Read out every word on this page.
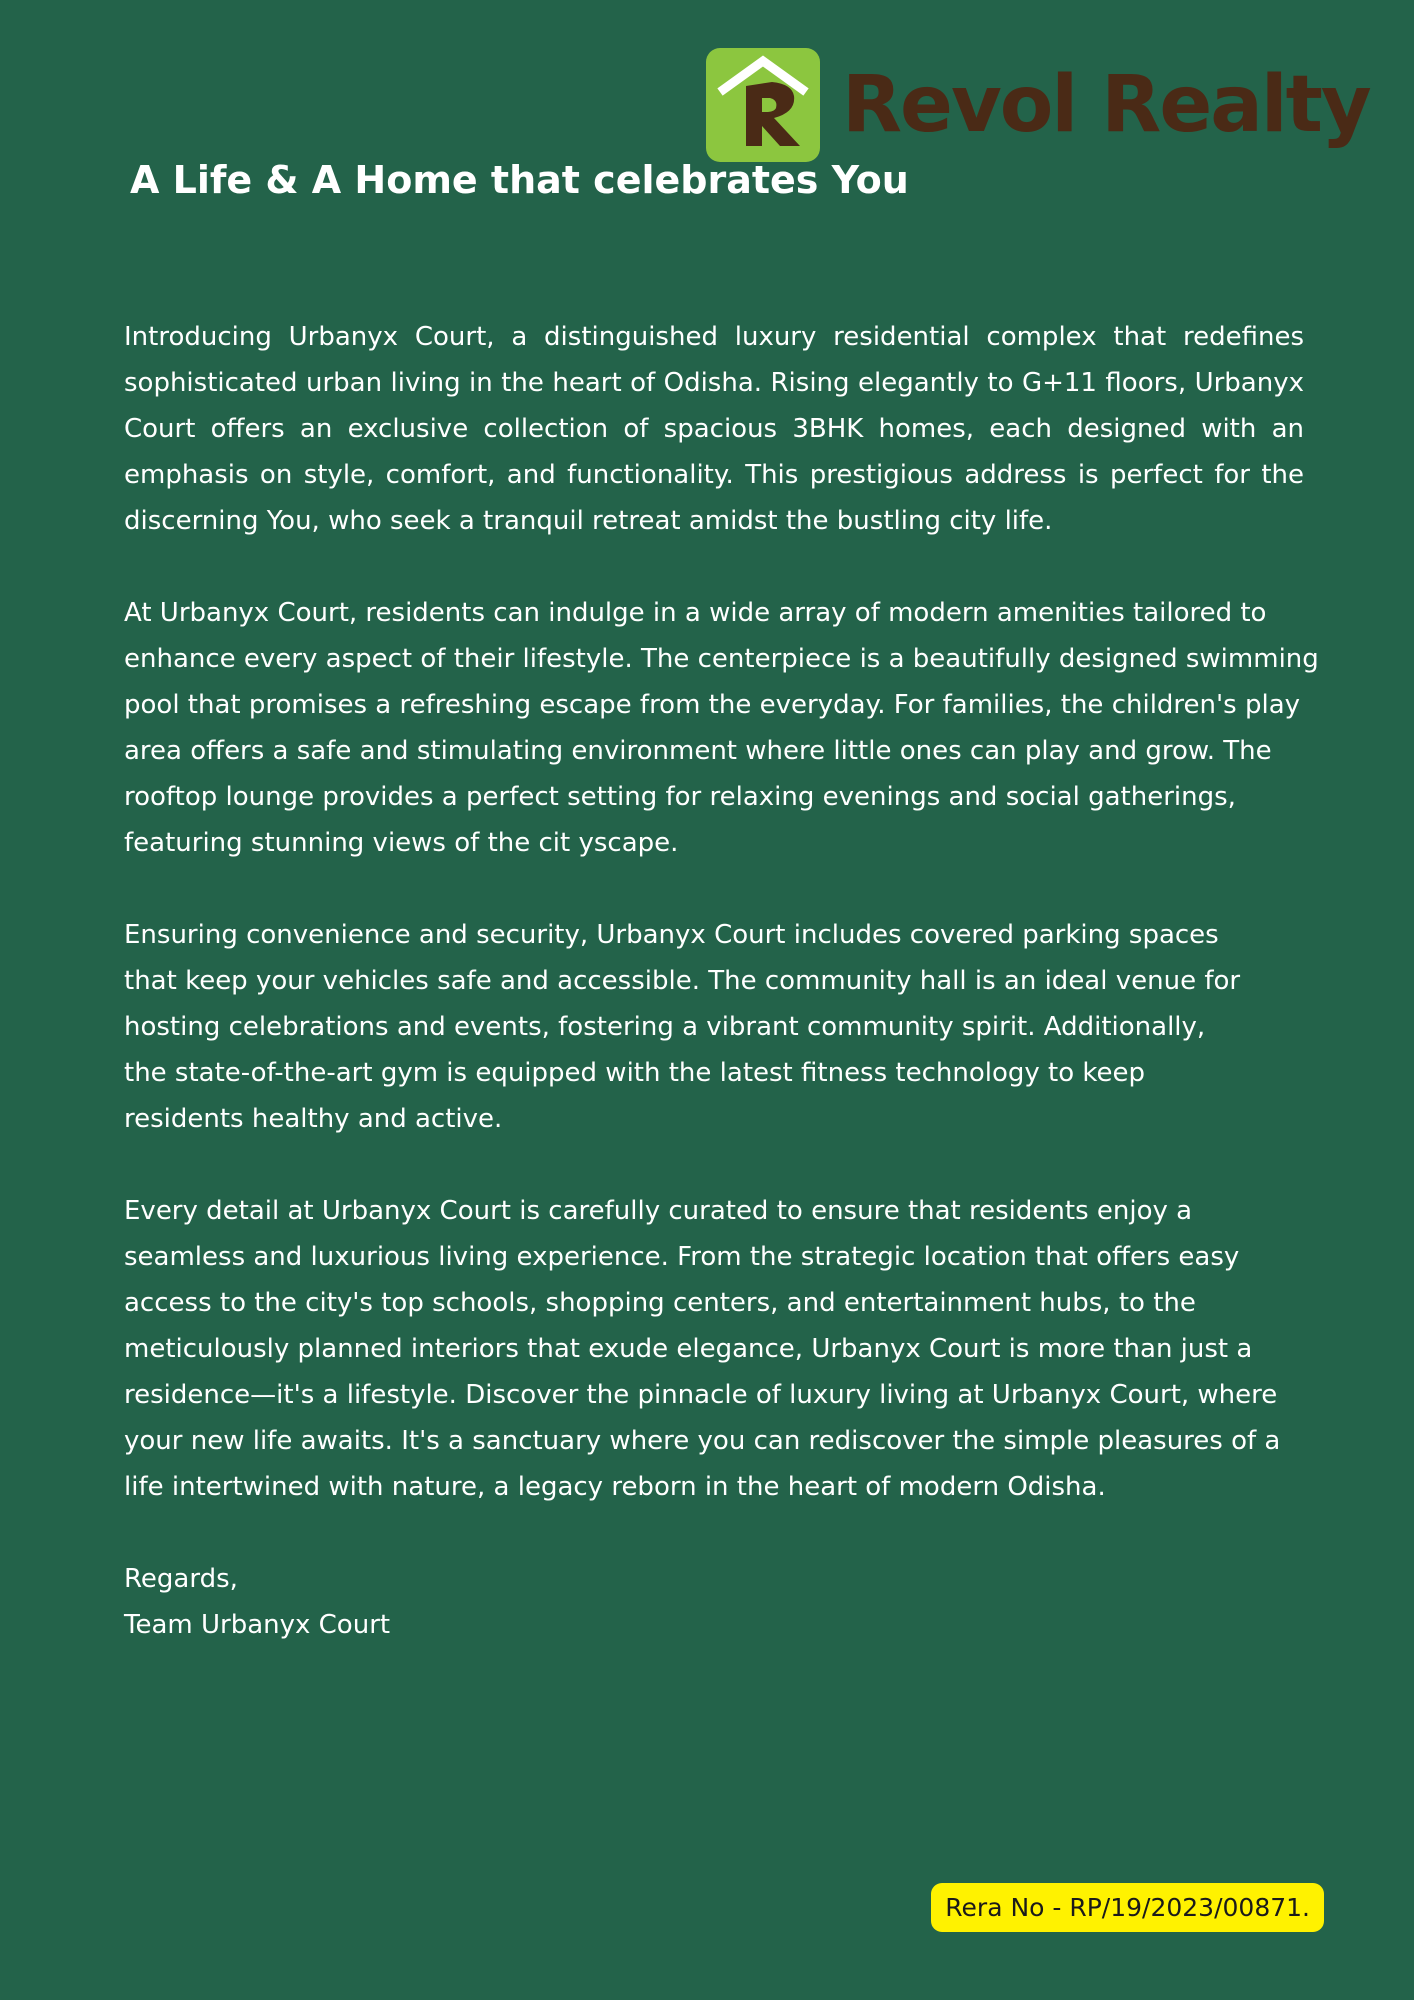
Revol Realty
A Life & A Home that celebrates You

Introducing Urbanyx Court, a distinguished luxury residential complex that redefines sophisticated urban living in the heart of Odisha. Rising elegantly to G+11 floors, Urbanyx Court offers an exclusive collection of spacious 3BHK homes, each designed with an emphasis on style, comfort, and functionality. This prestigious address is perfect for the discerning You, who seek a tranquil retreat amidst the bustling city life.

At Urbanyx Court, residents can indulge in a wide array of modern amenities tailored to enhance every aspect of their lifestyle. The centerpiece is a beautifully designed swimming pool that promises a refreshing escape from the everyday. For families, the children's play area offers a safe and stimulating environment where little ones can play and grow. The rooftop lounge provides a perfect setting for relaxing evenings and social gatherings, featuring stunning views of the cit yscape.

Ensuring convenience and security, Urbanyx Court includes covered parking spaces that keep your vehicles safe and accessible. The community hall is an ideal venue for hosting celebrations and events, fostering a vibrant community spirit. Additionally, the state-of-the-art gym is equipped with the latest fitness technology to keep residents healthy and active.

Every detail at Urbanyx Court is carefully curated to ensure that residents enjoy a seamless and luxurious living experience. From the strategic location that offers easy access to the city's top schools, shopping centers, and entertainment hubs, to the meticulously planned interiors that exude elegance, Urbanyx Court is more than just a residence—it's a lifestyle. Discover the pinnacle of luxury living at Urbanyx Court, where your new life awaits. It's a sanctuary where you can rediscover the simple pleasures of a life intertwined with nature, a legacy reborn in the heart of modern Odisha.

Regards,

Team Urbanyx Court

Rera No - RP/19/2023/00871.
